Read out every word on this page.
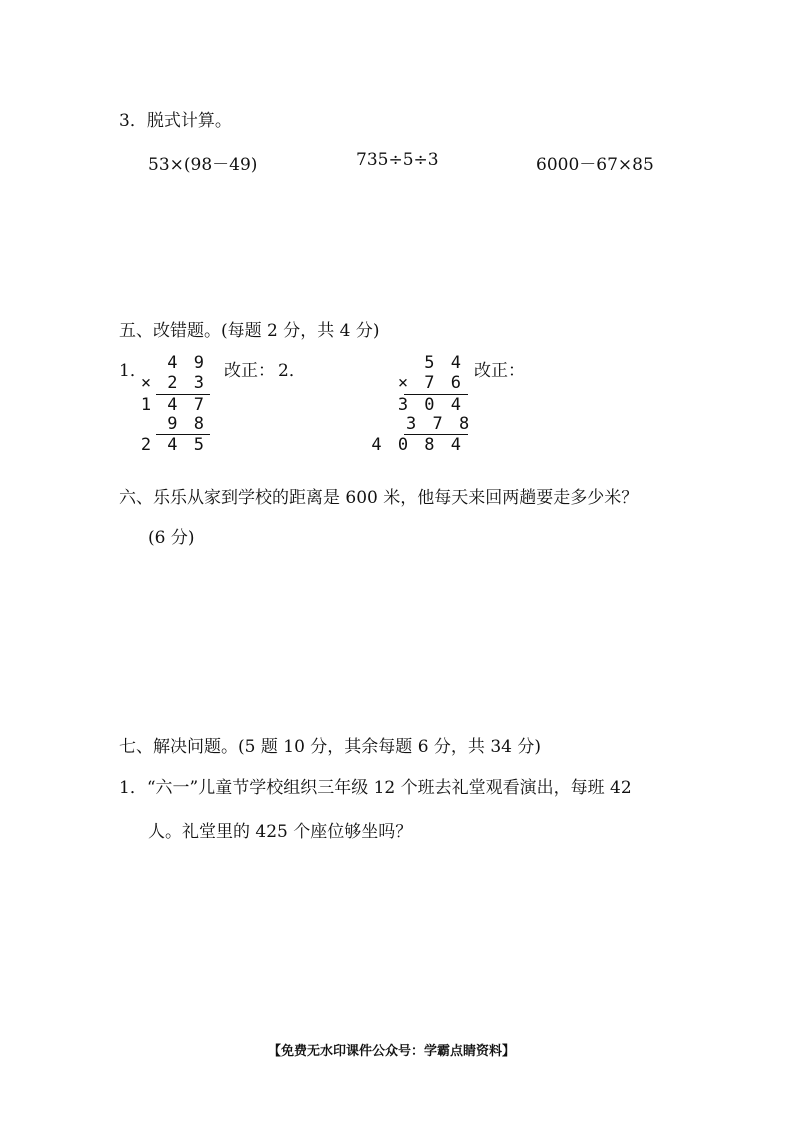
3．脱式计算。
53×(98－49)	735÷5÷3	6000－67×85
五、改错题。(每题 2 分，共 4 分)
1． 4 9
× 2 3
1 4 7
9 8
2 4 5
改正： 2．	5 4
× 7 6
3 0 4
3 7 8
4 0 8 4
改正：
六、乐乐从家到学校的距离是 600 米，他每天来回两趟要走多少米？
(6 分)
七、解决问题。(5 题 10 分，其余每题 6 分，共 34 分)
1．“六一”儿童节学校组织三年级 12 个班去礼堂观看演出，每班 42
人。礼堂里的 425 个座位够坐吗？
【免费无水印课件公众号：学霸点睛资料】
